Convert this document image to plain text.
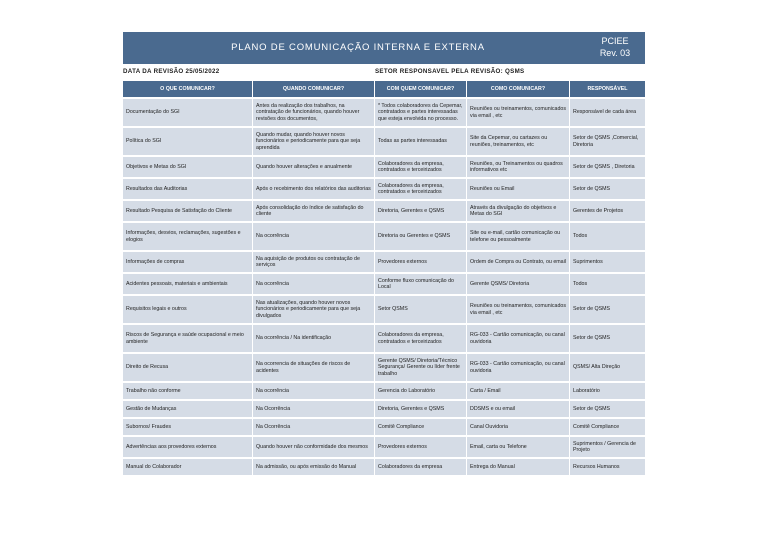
PLANO DE COMUNICAÇÃO INTERNA E EXTERNA
PCIEE
Rev. 03
DATA DA REVISÃO 25/05/2022	SETOR RESPONSAVEL PELA REVISÃO: QSMS
O QUE COMUNICAR?	QUANDO COMUNICAR?	COM QUEM COMUNICAR?	COMO COMUNICAR?	RESPONSÁVEL
Documentação do SGI	Antes da realização dos trabalhos, na contratação de funcionários, quando houver revisões dos documentos,	* Todos colaboradores da Cepemar, contratados e partes interessadas que esteja envolvida no processo.	Reuniões ou treinamentos, comunicados via email , etc	Responsável de cada área
Política do SGI	Quando mudar, quando houver novos funcionários e periodicamente para que seja aprendida	Todas as partes interessadas	Site da Cepemar, ou cartazes ou reuniões, treinamentos, etc	Setor de QSMS ,Comercial, Diretoria
Objetivos e Metas do SGI	Quando houver alterações e anualmente	Colaboradores da empresa, contratados e terceirizados	Reuniões, ou Treinamentos ou quadros informativos etc	Setor de QSMS , Diretoria
Resultados das Auditorias	Após o recebimento dos relatórios das auditorias	Colaboradores da empresa, contratados e terceirizados	Reuniões ou Email	Setor de QSMS
Resultado Pesquisa de Satisfação do Cliente	Após consolidação do índice de satisfação do cliente	Diretoria, Gerentes e QSMS	Através da divulgação do objetivos e Metas do SGI	Gerentes de Projetos
Informações, desvios, reclamações, sugestões e elogios	Na ocorrência	Diretoria ou Gerentes e QSMS	Site ou e-mail, cartão comunicação ou telefone ou pessoalmente	Todos
Informações de compras	Na aquisição de produtos ou contratação de serviços	Provedores externos	Ordem de Compra ou Contrato, ou email	Suprimentos
Acidentes pessoais, materiais e ambientais	Na ocorrência	Conforme fluxo comunicação do Local	Gerente QSMS/ Diretoria	Todos
Requisitos legais e outros	Nas atualizações, quando houver novos funcionários e periodicamente para que seja divulgados	Setor QSMS	Reuniões ou treinamentos, comunicados via email , etc	Setor de QSMS
Riscos de Segurança e saúde ocupacional e meio ambiente	Na ocorrência / Na identificação	Colaboradores da empresa, contratados e terceirizados	RG-033 - Cartão comunicação, ou canal ouvidoria	Setor de QSMS
Direito de Recusa	Na ocorrencia de situações de riscos de acidentes	Gerente QSMS/ Diretoria/Técnico Segurança/ Gerente ou líder frente trabalho	RG-033 - Cartão comunicação, ou canal ouvidoria	QSMS/ Alta Direção
Trabalho não conforme	Na ocorrência	Gerencia do Laboratório	Carta / Email	Laboratório
Gestão de Mudanças	Na Ocorrência	Diretoria, Gerentes e QSMS	DDSMS e ou email	Setor de QSMS
Subornos/ Fraudes	Na Ocorrência	Comitê Compliance	Canal Ouvidoria	Comitê Compliance
Advertências aos provedores externos	Quando houver não conformidade dos mesmos	Provedores externos	Email, carta ou Telefone	Suprimentos / Gerencia de Projeto
Manual do Colaborador	Na admissão, ou após emissão do Manual	Colaboradores da empresa	Entrega do Manual	Recursos Humanos
